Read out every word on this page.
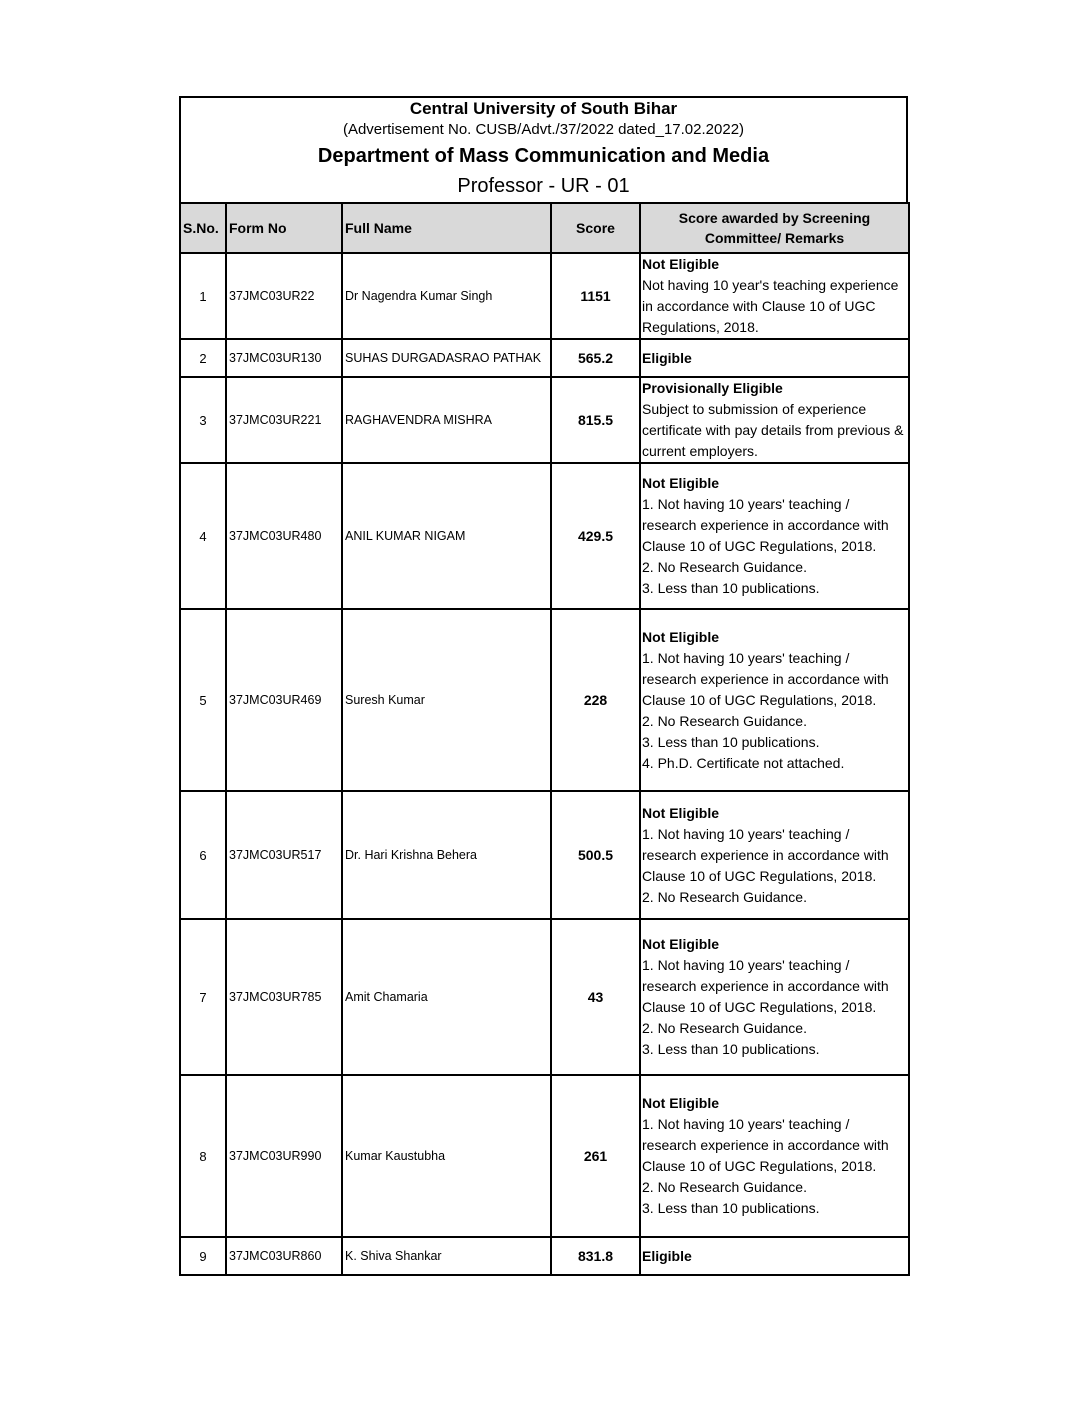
Central University of South Bihar
(Advertisement No. CUSB/Advt./37/2022 dated_17.02.2022)
Department of Mass Communication and Media
Professor - UR - 01
S.No.	Form No	Full Name	Score	Score awarded by Screening Committee/ Remarks
1	37JMC03UR22	Dr Nagendra Kumar Singh	1151	Not Eligible
Not having 10 year's teaching experience in accordance with Clause 10 of UGC Regulations, 2018.

2	37JMC03UR130	SUHAS DURGADASRAO PATHAK	565.2	Eligible

3	37JMC03UR221	RAGHAVENDRA MISHRA	815.5	Provisionally Eligible
Subject to submission of experience certificate with pay details from previous & current employers.

4	37JMC03UR480	ANIL KUMAR NIGAM	429.5	Not Eligible
1. Not having 10 years' teaching / research experience in accordance with Clause 10 of UGC Regulations, 2018.
2. No Research Guidance.
3. Less than 10 publications.

5	37JMC03UR469	Suresh Kumar	228	Not Eligible
1. Not having 10 years' teaching / research experience in accordance with Clause 10 of UGC Regulations, 2018.
2. No Research Guidance.
3. Less than 10 publications.
4. Ph.D. Certificate not attached.

6	37JMC03UR517	Dr. Hari Krishna Behera	500.5	Not Eligible
1. Not having 10 years' teaching / research experience in accordance with Clause 10 of UGC Regulations, 2018.
2. No Research Guidance.

7	37JMC03UR785	Amit Chamaria	43	Not Eligible
1. Not having 10 years' teaching / research experience in accordance with Clause 10 of UGC Regulations, 2018.
2. No Research Guidance.
3. Less than 10 publications.

8	37JMC03UR990	Kumar Kaustubha	261	Not Eligible
1. Not having 10 years' teaching / research experience in accordance with Clause 10 of UGC Regulations, 2018.
2. No Research Guidance.
3. Less than 10 publications.

9	37JMC03UR860	K. Shiva Shankar	831.8	Eligible
